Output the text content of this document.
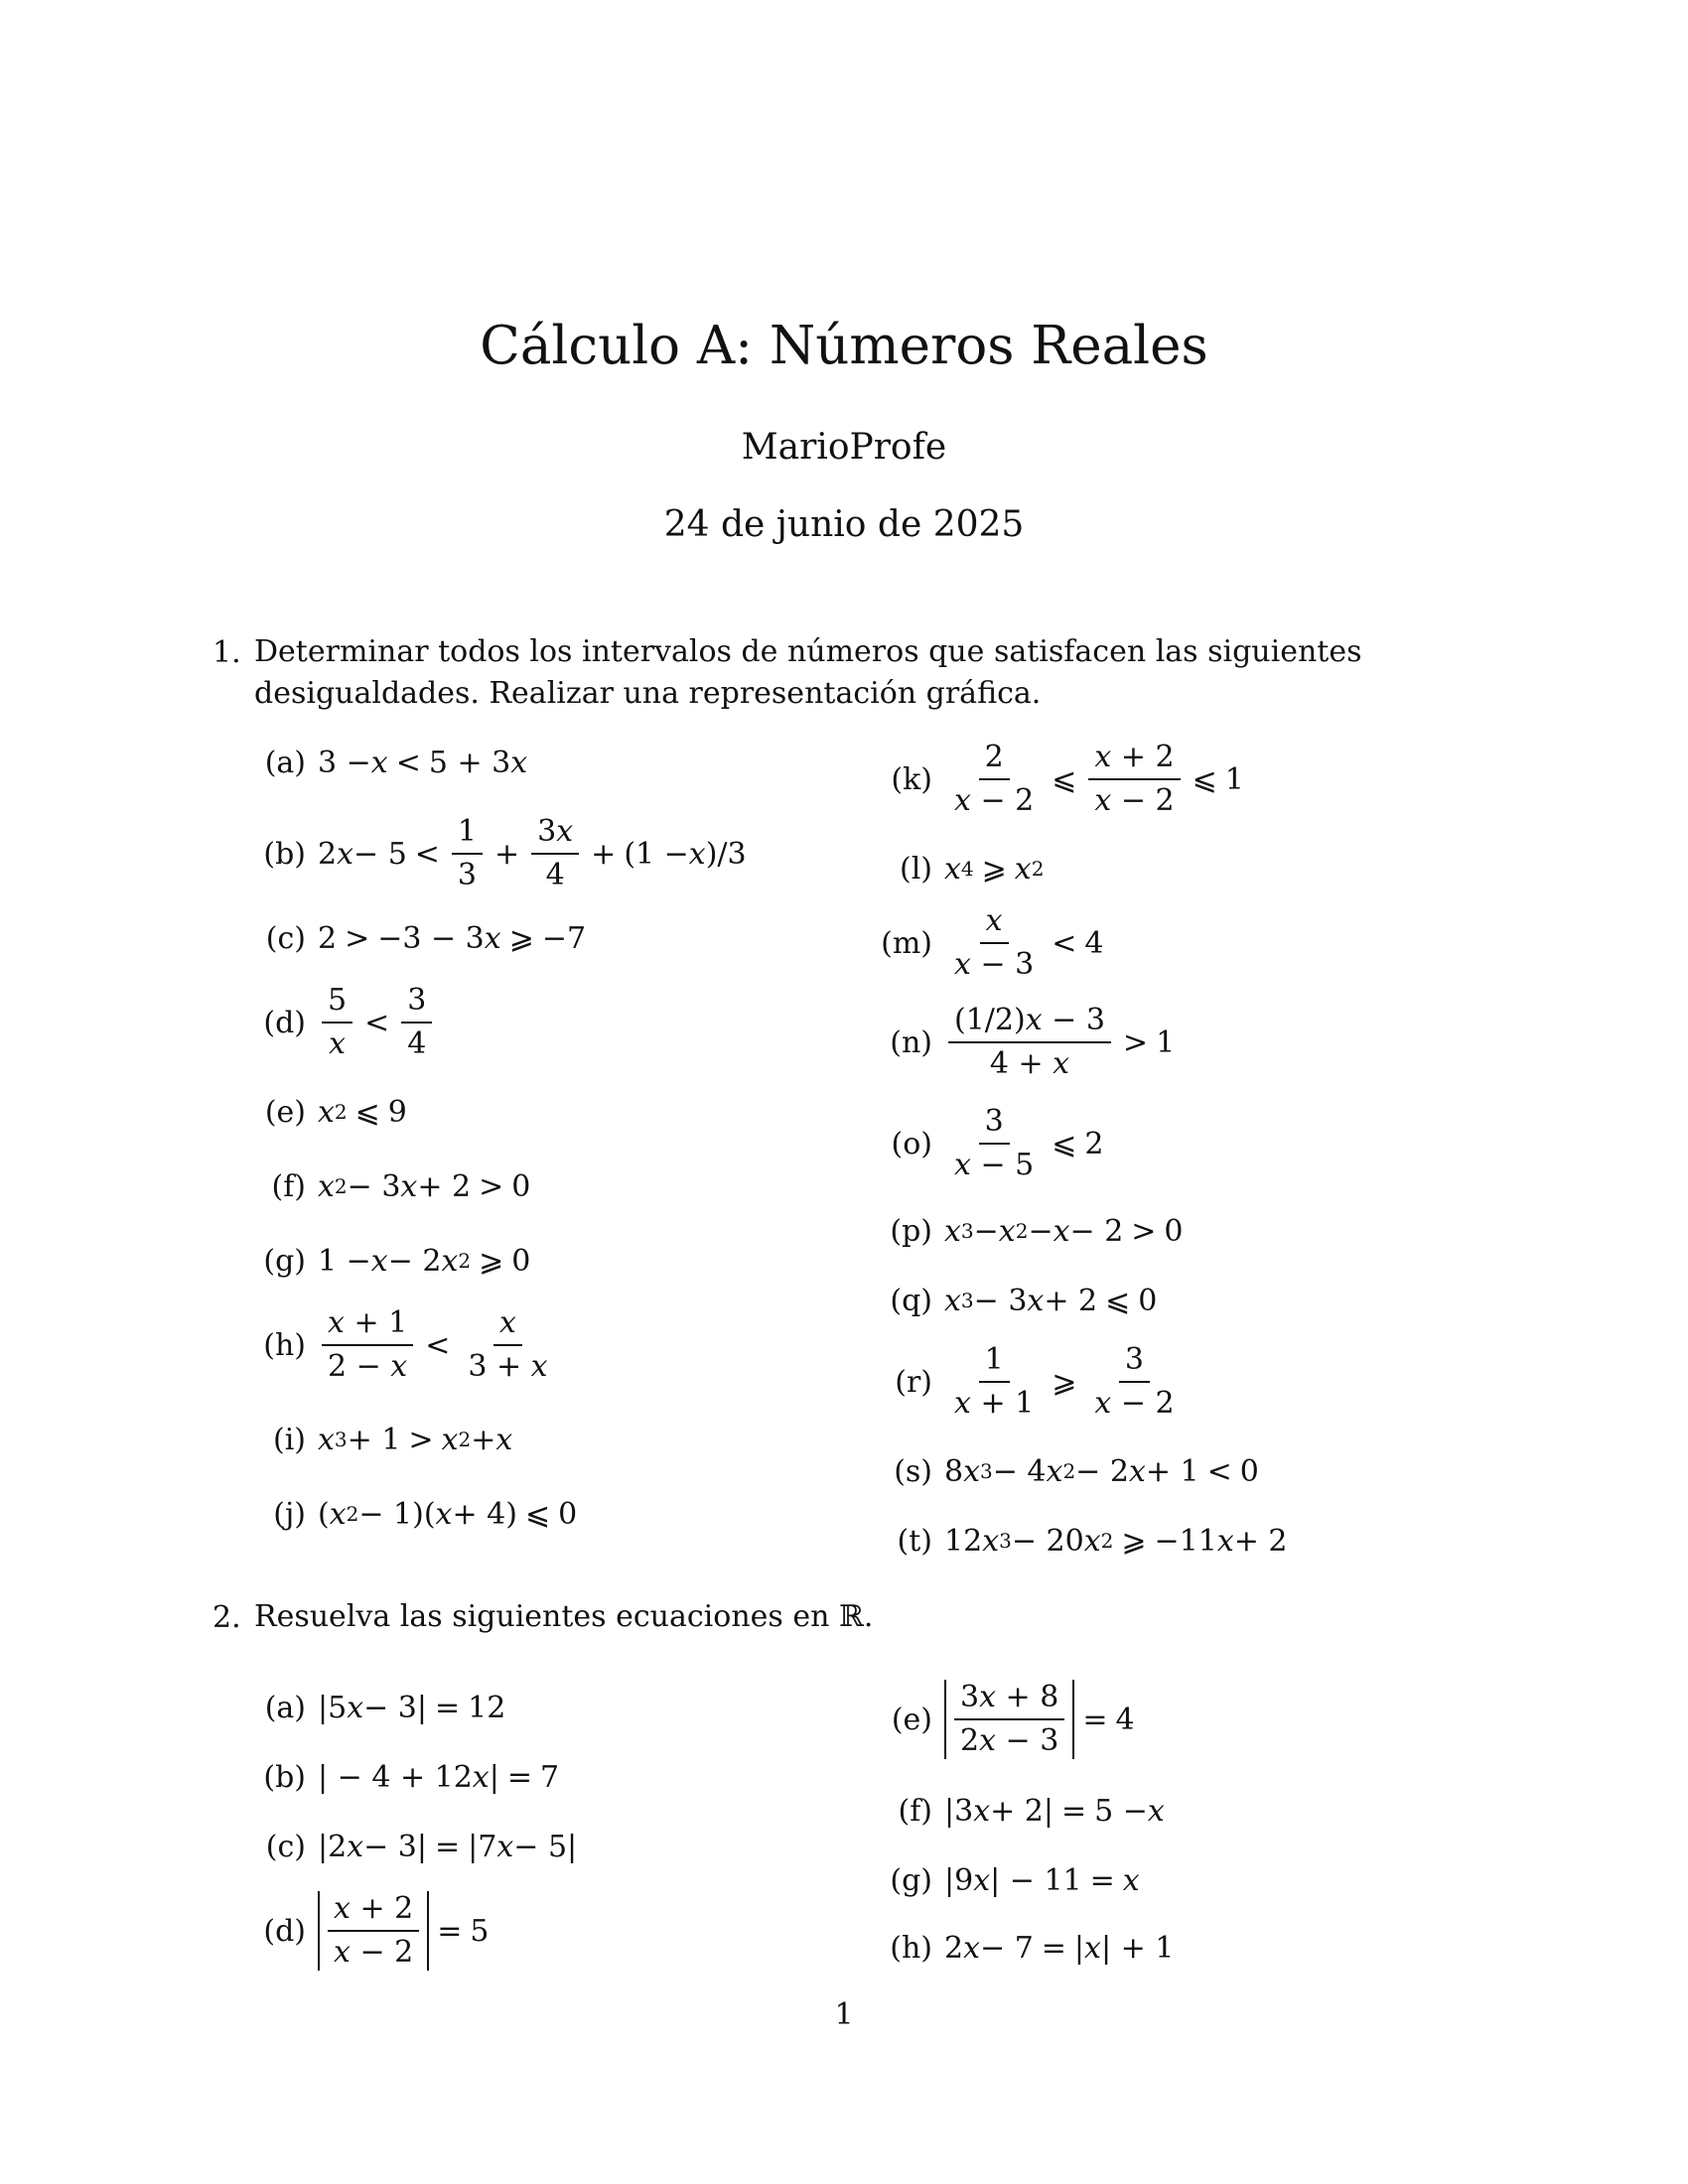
Cálculo A: Números Reales
MarioProfe
24 de junio de 2025
1. Determinar todos los intervalos de números que satisfacen las siguientes desigualdades. Realizar una representación gráfica.
(a) 3 − x < 5 + 3 x
(b) 2 $x - 5 < \frac{1}{3} + \frac{3x}{4} + (1 - x$ )/3
(c) 2 > −3 − 3 x ⩾ −7
$(d) \frac{5}{x} < \frac{3}{4}$
(e) x 2 ⩽ 9
(f) x 2 − 3 x + 2 > 0
(g) 1 − x − 2 x 2 ⩾ 0
$(h) \frac{x + 1}{2 - x} < \frac{x}{3 + x}$
(i) x 3 + 1 > x 2 + x
(j) ( x 2 − 1)( x + 4) ⩽ 0
$(k) \frac{2}{x - 2}$ ⩽ $\frac{x + 2}{x - 2}$ ⩽ 1
(l) x 4 ⩾ x 2
$(m) \frac{x}{x - 3} < 4$
$(n) \frac{(1/2)x - 3}{4 + x} > 1$
$(o) \frac{3}{x - 5}$ ⩽ 2
(p) x 3 − x 2 − x − 2 > 0
(q) x 3 − 3 x + 2 ⩽ 0
$(r) \frac{1}{x + 1}$ ⩾ $\frac{3}{x - 2}$
(s) 8 x 3 − 4 x 2 − 2 x + 1 < 0
(t) 12 x 3 − 20 x 2 ⩾ −11 x + 2
2. Resuelva las siguientes ecuaciones en ℝ.
(a) |5 x − 3| = 12
(b) | − 4 + 12 x | = 7
(c) |2 x − 3| = |7 x − 5|
$(d) \frac{x + 2}{x - 2} = 5$
$(e) \frac{3x + 8}{2x - 3} = 4$
(f) |3 x + 2| = 5 − x
(g) |9 x | − 11 = x
(h) 2 x − 7 = | x | + 1
1
